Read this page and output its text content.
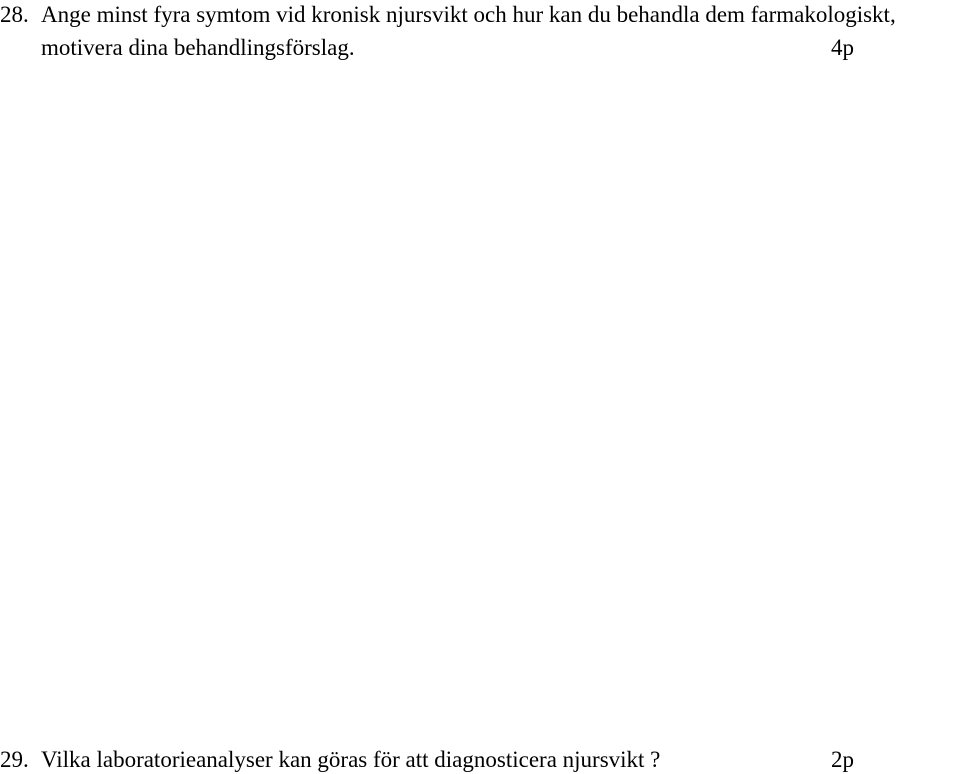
28. Ange minst fyra symtom vid kronisk njursvikt och hur kan du behandla dem farmakologiskt,
motivera dina behandlingsförslag.	4p
29. Vilka laboratorieanalyser kan göras för att diagnosticera njursvikt ?	2p
